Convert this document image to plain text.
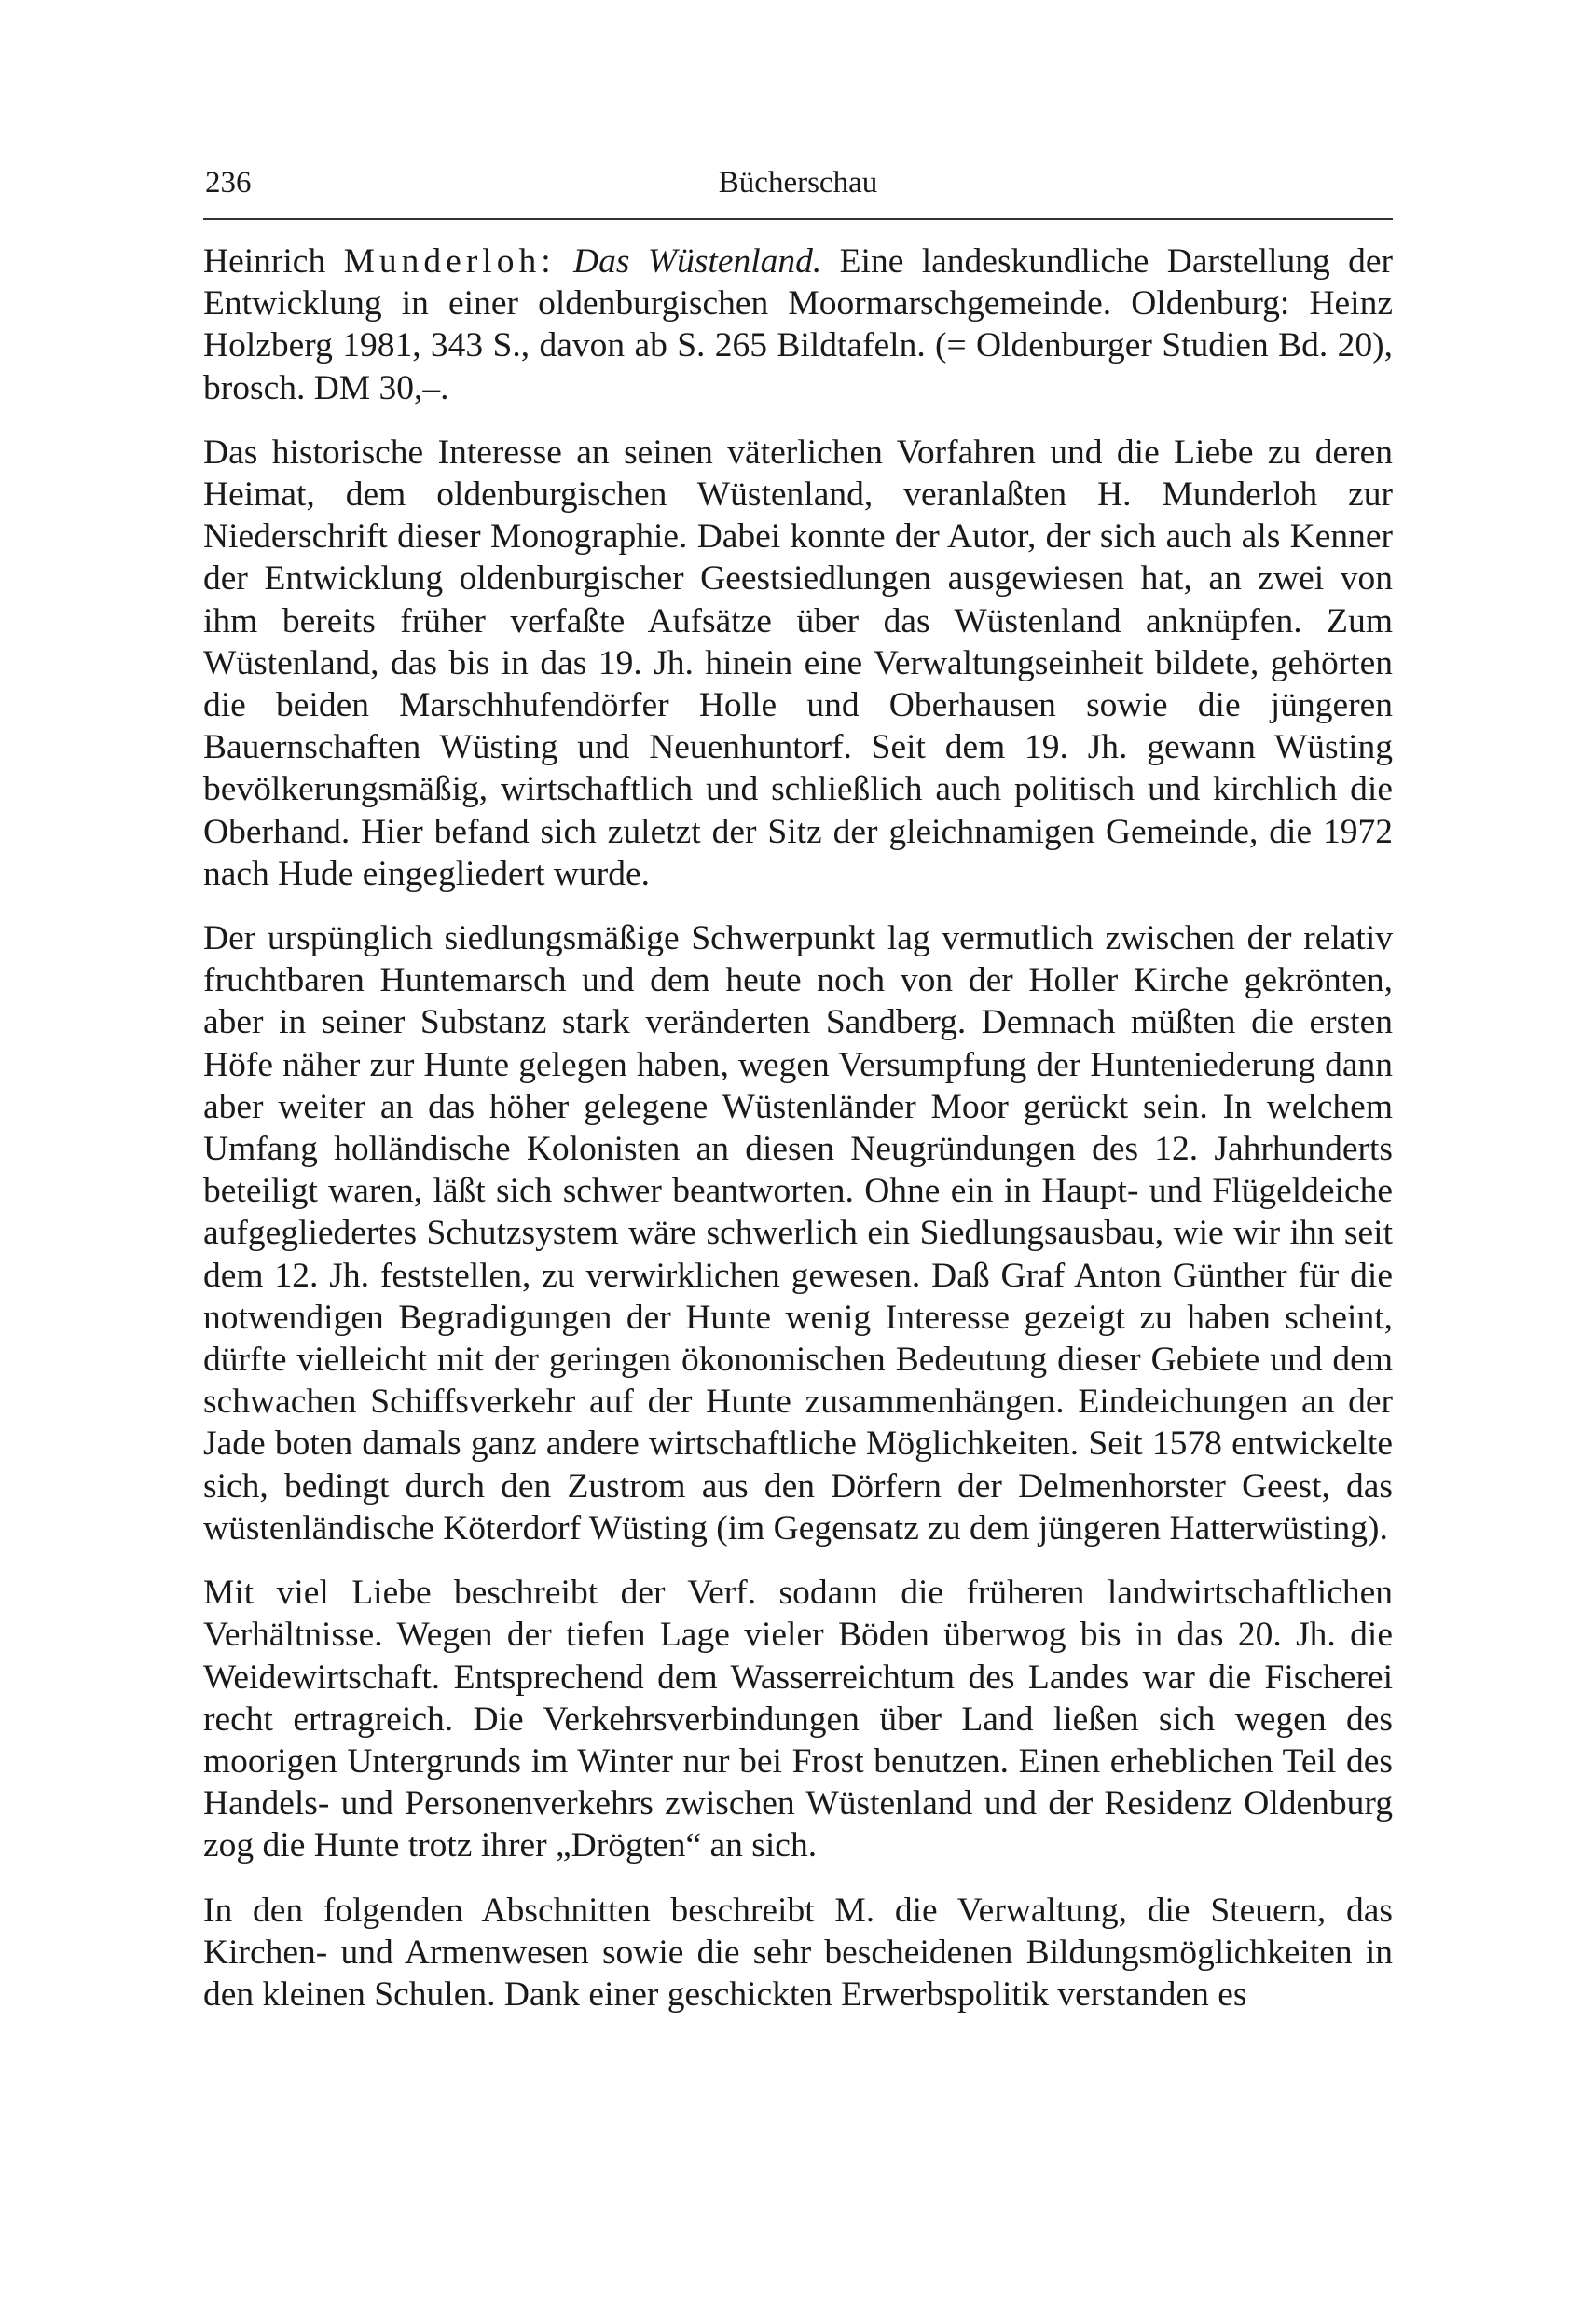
236	Bücherschau

Heinrich Munderloh: Das Wüstenland. Eine landeskundliche Darstellung der Entwicklung in einer oldenburgischen Moormarschgemeinde. Oldenburg: Heinz Holzberg 1981, 343 S., davon ab S. 265 Bildtafeln. (= Oldenburger Studien Bd. 20), brosch. DM 30,–.

Das historische Interesse an seinen väterlichen Vorfahren und die Liebe zu deren Heimat, dem oldenburgischen Wüstenland, veranlaßten H. Munderloh zur Niederschrift dieser Monographie. Dabei konnte der Autor, der sich auch als Kenner der Entwicklung oldenburgischer Geestsiedlungen ausgewiesen hat, an zwei von ihm bereits früher verfaßte Aufsätze über das Wüstenland anknüpfen. Zum Wüstenland, das bis in das 19. Jh. hinein eine Verwaltungseinheit bildete, gehörten die beiden Marschhufendörfer Holle und Oberhausen sowie die jüngeren Bauernschaften Wüsting und Neuenhuntorf. Seit dem 19. Jh. gewann Wüsting bevölkerungsmäßig, wirtschaftlich und schließlich auch politisch und kirchlich die Oberhand. Hier befand sich zuletzt der Sitz der gleichnamigen Gemeinde, die 1972 nach Hude eingegliedert wurde.

Der urspünglich siedlungsmäßige Schwerpunkt lag vermutlich zwischen der relativ fruchtbaren Huntemarsch und dem heute noch von der Holler Kirche gekrönten, aber in seiner Substanz stark veränderten Sandberg. Demnach müßten die ersten Höfe näher zur Hunte gelegen haben, wegen Versumpfung der Hunteniederung dann aber weiter an das höher gelegene Wüstenländer Moor gerückt sein. In welchem Umfang holländische Kolonisten an diesen Neugründungen des 12. Jahrhunderts beteiligt waren, läßt sich schwer beantworten. Ohne ein in Haupt- und Flügeldeiche aufgegliedertes Schutzsystem wäre schwerlich ein Siedlungsausbau, wie wir ihn seit dem 12. Jh. feststellen, zu verwirklichen gewesen. Daß Graf Anton Günther für die notwendigen Begradigungen der Hunte wenig Interesse gezeigt zu haben scheint, dürfte vielleicht mit der geringen ökonomischen Bedeutung dieser Gebiete und dem schwachen Schiffsverkehr auf der Hunte zusammenhängen. Eindeichungen an der Jade boten damals ganz andere wirtschaftliche Möglichkeiten. Seit 1578 entwickelte sich, bedingt durch den Zustrom aus den Dörfern der Delmenhorster Geest, das wüstenländische Köterdorf Wüsting (im Gegensatz zu dem jüngeren Hatterwüsting).

Mit viel Liebe beschreibt der Verf. sodann die früheren landwirtschaftlichen Verhältnisse. Wegen der tiefen Lage vieler Böden überwog bis in das 20. Jh. die Weidewirtschaft. Entsprechend dem Wasserreichtum des Landes war die Fischerei recht ertragreich. Die Verkehrsverbindungen über Land ließen sich wegen des moorigen Untergrunds im Winter nur bei Frost benutzen. Einen erheblichen Teil des Handels- und Personenverkehrs zwischen Wüstenland und der Residenz Oldenburg zog die Hunte trotz ihrer „Drögten“ an sich.

In den folgenden Abschnitten beschreibt M. die Verwaltung, die Steuern, das Kirchen- und Armenwesen sowie die sehr bescheidenen Bildungsmöglichkeiten in den kleinen Schulen. Dank einer geschickten Erwerbspolitik verstanden es
